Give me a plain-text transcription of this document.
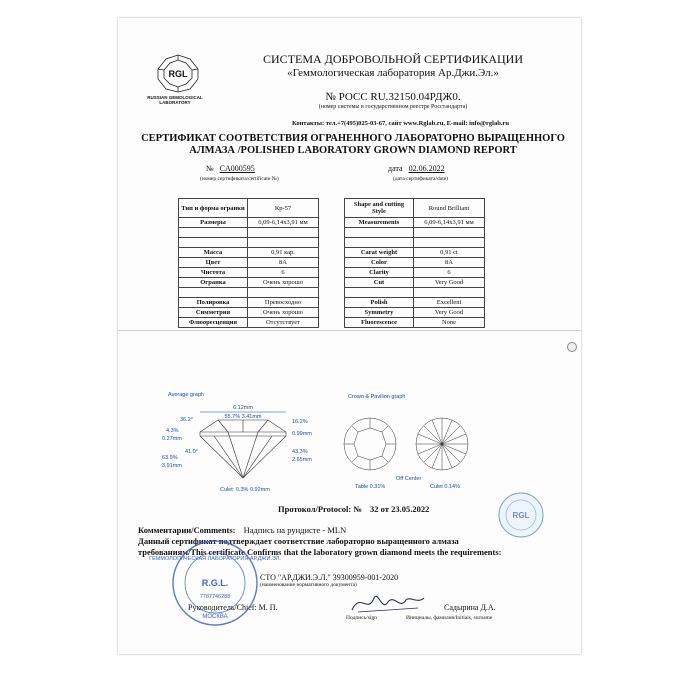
RGL
RUSSIAN GEMOLOGICAL LABORATORY
СИСТЕМА ДОБРОВОЛЬНОЙ СЕРТИФИКАЦИИ
«Геммологическая лаборатория Ар.Джи.Эл.»
№ РОСС RU.32150.04РДЖ0.
(номер системы в государственном реестре Росстандарта)
Контакты: тел.+7(495)025-03-67, сайт www.Rglab.ru, E-mail: info@rglab.ru
СЕРТИФИКАТ СООТВЕТСТВИЯ ОГРАНЕННОГО ЛАБОРАТОРНО ВЫРАЩЕННОГО
АЛМАЗА /POLISHED LABORATORY GROWN DIAMOND REPORT
№ CA000595
(номер сертификата/certificate №)
дата 02.06.2022
(дата сертификата/date)
Тип и форма огранки	Кр-57
Размеры	6,09-6,14х3,91 мм

Масса	0,91 кар.
Цвет	8А
Чистота	6
Огранка	Очень хорошо

Полировка	Превосходно
Симметрия	Очень хорошо
Флюоресценция	Отсутствует
Shape and cutting Style	Round Brilliant
Measurements	6,09-6,14х3,91 мм

Carat weight	0,91 ct
Color	8A
Clarity	6
Cut	Very Good

Polish	Excellent
Symmetry	Very Good
Fluorescence	None
Average graph
6.12mm
55.7% 3.41mm
36.2°	16.2%
0.99mm
4.3%
0.27mm
41.0°
63.9%
3.91mm
43.3%
2.65mm
Culet: 0.3% 0.92mm
Crown & Pavilion graph
Table 0.31%
Off Center
Culet 0.14%
RGL
Протокол/Protocol: № 32 от 23.05.2022
Комментарии/Comments: Надпись на рундисте - MLN
Данный сертификат подтверждает соответствие лабораторно выращенного алмаза
требованиям/This certificate Confirms that the laboratory grown diamond meets the requirements:
СТО "АР.ДЖИ.Э.Л." 39300959-001-2020
(наименование нормативного документа)
Руководитель/Chief: М. П.
Подпись/sign
Садырина Д.А.
Инициалы, фамилия/Initials, surname
ГЕММОЛОГИЧЕСКАЯ ЛАБОРАТОРИЯ АР.ДЖИ.ЭЛ.
R.G.L.
7787746288
МОСКВА
